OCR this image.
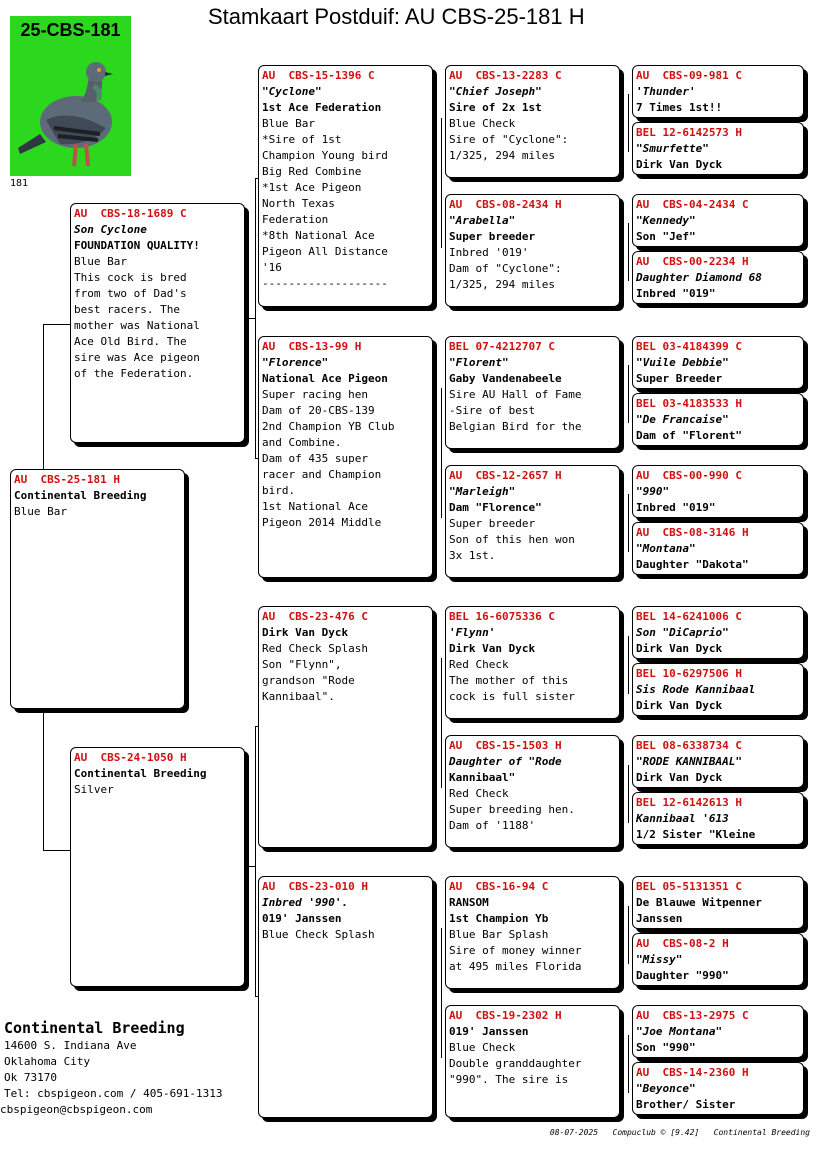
Stamkaart Postduif: AU CBS-25-181 H
25-CBS-181
181
AU  CBS-25-181 H
Continental Breeding
Blue Bar
AU  CBS-18-1689 C
Son Cyclone
FOUNDATION QUALITY!
Blue Bar
This cock is bred
from two of Dad's
best racers. The
mother was National
Ace Old Bird. The
sire was Ace pigeon
of the Federation.
AU  CBS-24-1050 H
Continental Breeding
Silver
AU  CBS-15-1396 C
"Cyclone"
1st Ace Federation
Blue Bar
*Sire of 1st
Champion Young bird
Big Red Combine
*1st Ace Pigeon
North Texas
Federation
*8th National Ace
Pigeon All Distance
'16
-------------------
AU  CBS-13-99 H
"Florence"
National Ace Pigeon
Super racing hen
Dam of 20-CBS-139
2nd Champion YB Club
and Combine.
Dam of 435 super
racer and Champion
bird.
1st National Ace
Pigeon 2014 Middle
AU  CBS-23-476 C
Dirk Van Dyck
Red Check Splash
Son "Flynn",
grandson "Rode
Kannibaal".
AU  CBS-23-010 H
Inbred '990'.
019' Janssen
Blue Check Splash
AU  CBS-13-2283 C
"Chief Joseph"
Sire of 2x 1st
Blue Check
Sire of "Cyclone":
1/325, 294 miles
AU  CBS-08-2434 H
"Arabella"
Super breeder
Inbred '019'
Dam of "Cyclone":
1/325, 294 miles
BEL 07-4212707 C
"Florent"
Gaby Vandenabeele
Sire AU Hall of Fame
-Sire of best
Belgian Bird for the
AU  CBS-12-2657 H
"Marleigh"
Dam "Florence"
Super breeder
Son of this hen won
3x 1st.
BEL 16-6075336 C
'Flynn'
Dirk Van Dyck
Red Check
The mother of this
cock is full sister
AU  CBS-15-1503 H
Daughter of "Rode
Kannibaal"
Red Check
Super breeding hen.
Dam of '1188'
AU  CBS-16-94 C
RANSOM
1st Champion Yb
Blue Bar Splash
Sire of money winner
at 495 miles Florida
AU  CBS-19-2302 H
019' Janssen
Blue Check
Double granddaughter
"990". The sire is
AU  CBS-09-981 C
'Thunder'
7 Times 1st!!
BEL 12-6142573 H
"Smurfette"
Dirk Van Dyck
AU  CBS-04-2434 C
"Kennedy"
Son "Jef"
AU  CBS-00-2234 H
Daughter Diamond 68
Inbred "019"
BEL 03-4184399 C
"Vuile Debbie"
Super Breeder
BEL 03-4183533 H
"De Francaise"
Dam of "Florent"
AU  CBS-00-990 C
"990"
Inbred "019"
AU  CBS-08-3146 H
"Montana"
Daughter "Dakota"
BEL 14-6241006 C
Son "DiCaprio"
Dirk Van Dyck
BEL 10-6297506 H
Sis Rode Kannibaal
Dirk Van Dyck
BEL 08-6338734 C
"RODE KANNIBAAL"
Dirk Van Dyck
BEL 12-6142613 H
Kannibaal '613
1/2 Sister "Kleine
BEL 05-5131351 C
De Blauwe Witpenner
Janssen
AU  CBS-08-2 H
"Missy"
Daughter "990"
AU  CBS-13-2975 C
"Joe Montana"
Son "990"
AU  CBS-14-2360 H
"Beyonce"
Brother/ Sister
Continental Breeding
14600 S. Indiana Ave
Oklahoma City
Ok 73170
Tel: cbspigeon.com / 405-691-1313
cbspigeon@cbspigeon.com
08-07-2025 Compuclub © [9.42] Continental Breeding
